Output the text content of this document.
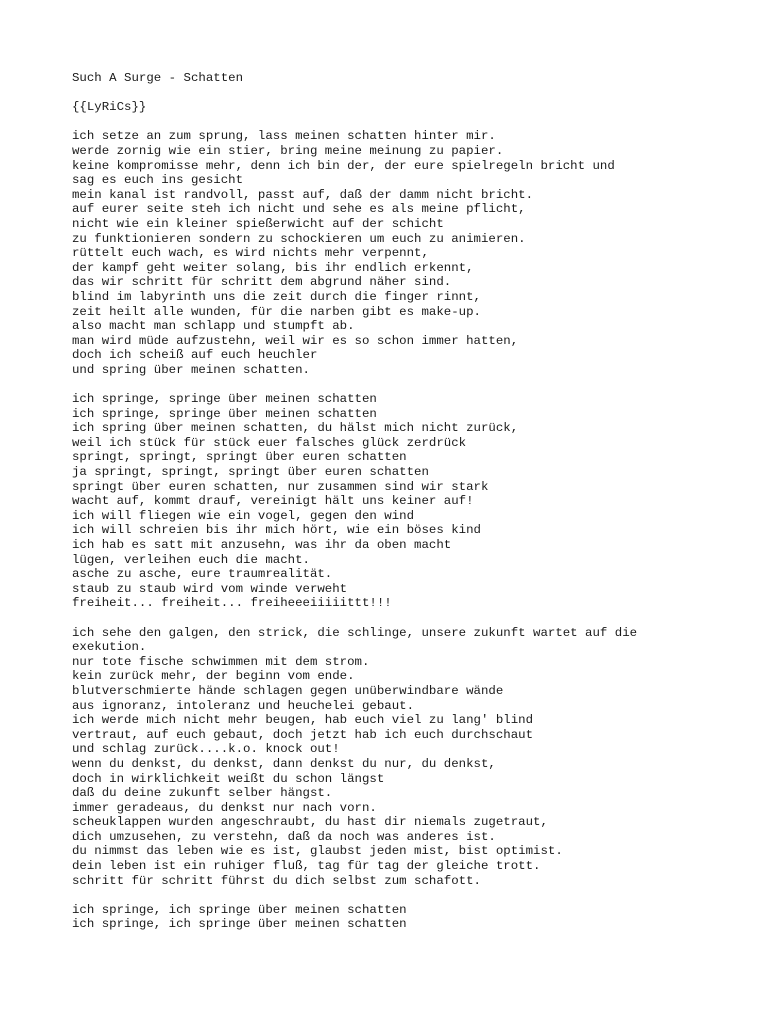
Such A Surge - Schatten
{{LyRiCs}}
ich setze an zum sprung, lass meinen schatten hinter mir.
werde zornig wie ein stier, bring meine meinung zu papier.
keine kompromisse mehr, denn ich bin der, der eure spielregeln bricht und
sag es euch ins gesicht
mein kanal ist randvoll, passt auf, daß der damm nicht bricht.
auf eurer seite steh ich nicht und sehe es als meine pflicht,
nicht wie ein kleiner spießerwicht auf der schicht
zu funktionieren sondern zu schockieren um euch zu animieren.
rüttelt euch wach, es wird nichts mehr verpennt,
der kampf geht weiter solang, bis ihr endlich erkennt,
das wir schritt für schritt dem abgrund näher sind.
blind im labyrinth uns die zeit durch die finger rinnt,
zeit heilt alle wunden, für die narben gibt es make-up.
also macht man schlapp und stumpft ab.
man wird müde aufzustehn, weil wir es so schon immer hatten,
doch ich scheiß auf euch heuchler
und spring über meinen schatten.
ich springe, springe über meinen schatten
ich springe, springe über meinen schatten
ich spring über meinen schatten, du hälst mich nicht zurück,
weil ich stück für stück euer falsches glück zerdrück
springt, springt, springt über euren schatten
ja springt, springt, springt über euren schatten
springt über euren schatten, nur zusammen sind wir stark
wacht auf, kommt drauf, vereinigt hält uns keiner auf!
ich will fliegen wie ein vogel, gegen den wind
ich will schreien bis ihr mich hört, wie ein böses kind
ich hab es satt mit anzusehn, was ihr da oben macht
lügen, verleihen euch die macht.
asche zu asche, eure traumrealität.
staub zu staub wird vom winde verweht
freiheit... freiheit... freiheeeiiiiittt!!!
ich sehe den galgen, den strick, die schlinge, unsere zukunft wartet auf die
exekution.
nur tote fische schwimmen mit dem strom.
kein zurück mehr, der beginn vom ende.
blutverschmierte hände schlagen gegen unüberwindbare wände
aus ignoranz, intoleranz und heuchelei gebaut.
ich werde mich nicht mehr beugen, hab euch viel zu lang' blind
vertraut, auf euch gebaut, doch jetzt hab ich euch durchschaut
und schlag zurück....k.o. knock out!
wenn du denkst, du denkst, dann denkst du nur, du denkst,
doch in wirklichkeit weißt du schon längst
daß du deine zukunft selber hängst.
immer geradeaus, du denkst nur nach vorn.
scheuklappen wurden angeschraubt, du hast dir niemals zugetraut,
dich umzusehen, zu verstehn, daß da noch was anderes ist.
du nimmst das leben wie es ist, glaubst jeden mist, bist optimist.
dein leben ist ein ruhiger fluß, tag für tag der gleiche trott.
schritt für schritt führst du dich selbst zum schafott.
ich springe, ich springe über meinen schatten
ich springe, ich springe über meinen schatten
